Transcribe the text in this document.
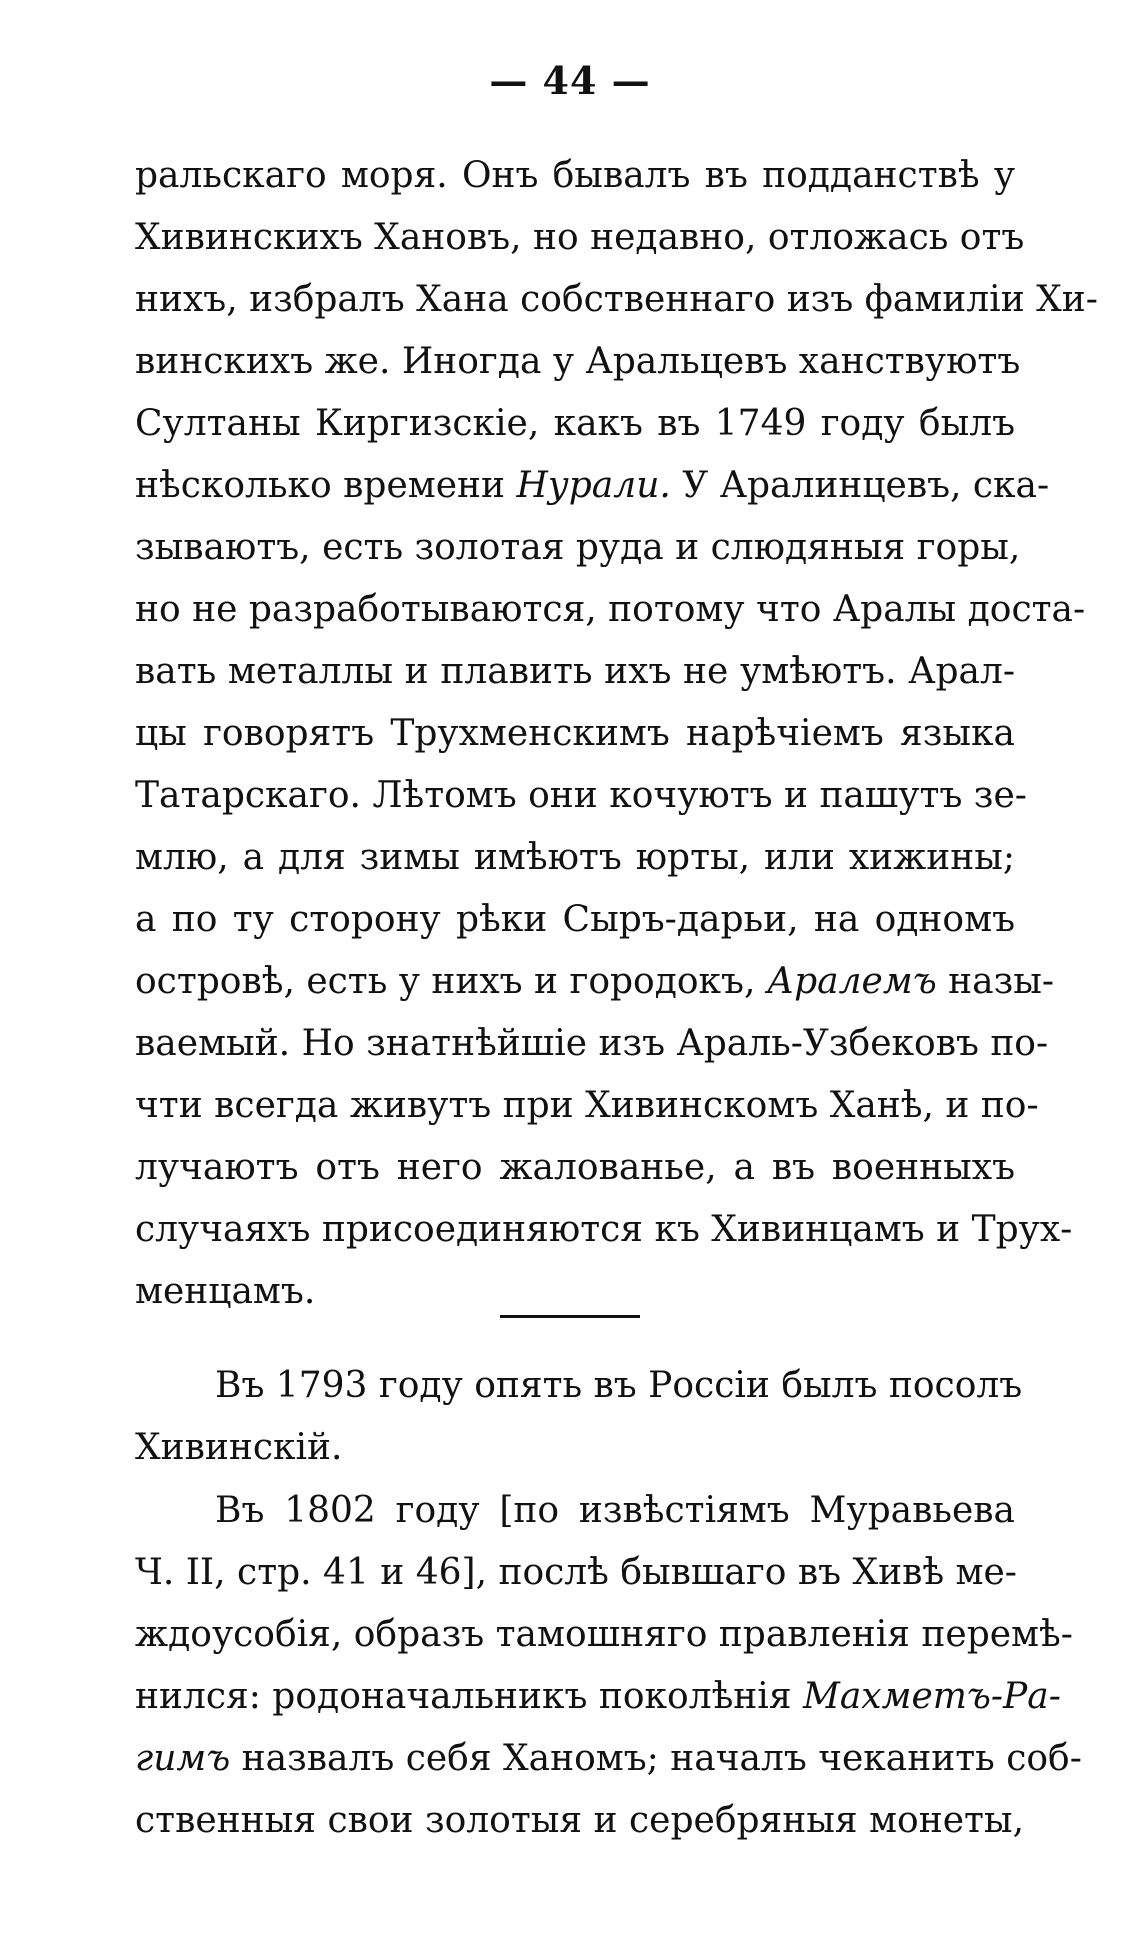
— 44 —
ральскаго моря. Онъ бывалъ въ подданствѣ у
Хивинскихъ Хановъ, но недавно, отложась отъ
нихъ, избралъ Хана собственнаго изъ фамиліи Хи-
винскихъ же. Иногда у Аральцевъ ханствуютъ
Султаны Киргизскіе, какъ въ 1749 году былъ
нѣсколько времени Нурали. У Аралинцевъ, ска-
зываютъ, есть золотая руда и слюдяныя горы,
но не разработываются, потому что Аралы доста-
вать металлы и плавить ихъ не умѣютъ. Арал-
цы говорятъ Трухменскимъ нарѣчіемъ языка
Татарскаго. Лѣтомъ они кочуютъ и пашутъ зе-
млю, а для зимы имѣютъ юрты, или хижины;
а по ту сторону рѣки Сыръ-дарьи, на одномъ
островѣ, есть у нихъ и городокъ, Аралемъ назы-
ваемый. Но знатнѣйшіе изъ Араль-Узбековъ по-
чти всегда живутъ при Хивинскомъ Ханѣ, и по-
лучаютъ отъ него жалованье, а въ военныхъ
случаяхъ присоединяются къ Хивинцамъ и Трух-
менцамъ.
Въ 1793 году опять въ Россіи былъ посолъ
Хивинскій.
Въ 1802 году [по извѣстіямъ Муравьева
Ч. II, стр. 41 и 46], послѣ бывшаго въ Хивѣ ме-
ждоусобія, образъ тамошняго правленія перемѣ-
нился: родоначальникъ поколѣнія Махметъ-Ра-
гимъ назвалъ себя Ханомъ; началъ чеканить соб-
ственныя свои золотыя и серебряныя монеты,
